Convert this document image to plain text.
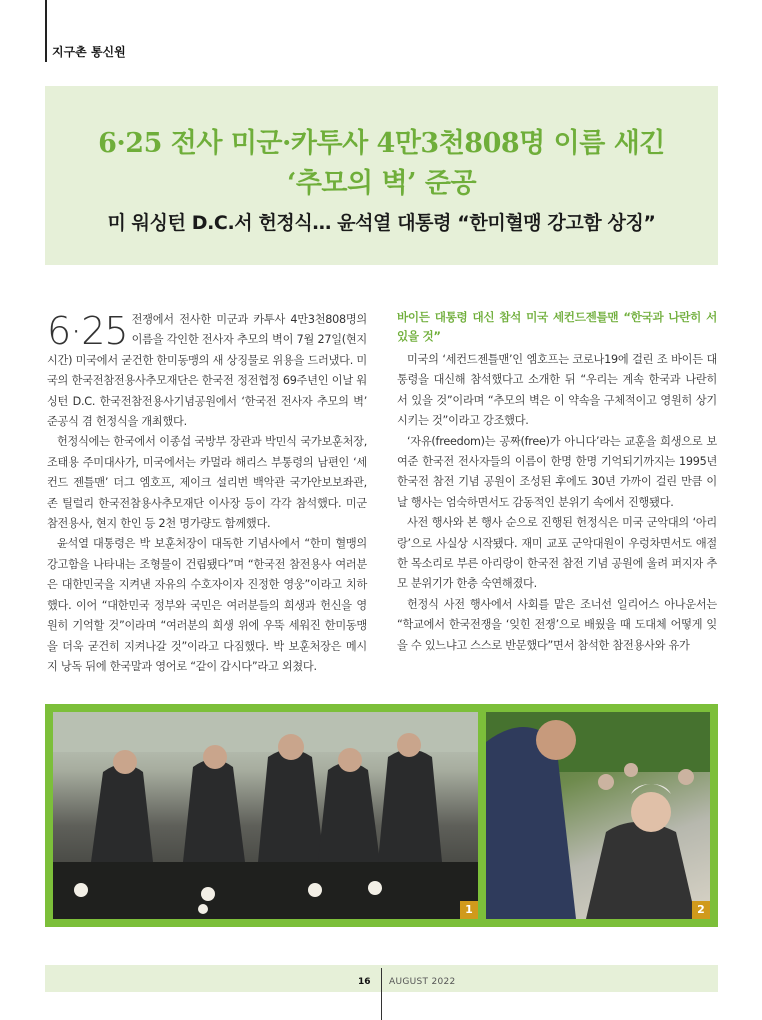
지구촌 통신원
6·25 전사 미군·카투사 4만3천808명 이름 새긴
‘추모의 벽’ 준공
미 워싱턴 D.C.서 헌정식… 윤석열 대통령 “한미혈맹 강고함 상징”

6·25 전쟁에서 전사한 미군과 카투사 4만3천808명의 이름을 각인한 전사자 추모의 벽이 7월 27일(현지시간) 미국에서 굳건한 한미동맹의 새 상징물로 위용을 드러냈다. 미국의 한국전참전용사추모재단은 한국전 정전협정 69주년인 이날 워싱턴 D.C. 한국전참전용사기념공원에서 ‘한국전 전사자 추모의 벽’ 준공식 겸 헌정식을 개최했다.

헌정식에는 한국에서 이종섭 국방부 장관과 박민식 국가보훈처장, 조태용 주미대사가, 미국에서는 카멀라 해리스 부통령의 남편인 ‘세컨드 젠틀맨’ 더그 엠호프, 제이크 설리번 백악관 국가안보보좌관, 존 틸럴리 한국전참용사추모재단 이사장 등이 각각 참석했다. 미군 참전용사, 현지 한인 등 2천 명가량도 함께했다.

윤석열 대통령은 박 보훈처장이 대독한 기념사에서 “한미 혈맹의 강고함을 나타내는 조형물이 건립됐다”며 “한국전 참전용사 여러분은 대한민국을 지켜낸 자유의 수호자이자 진정한 영웅”이라고 치하했다. 이어 “대한민국 정부와 국민은 여러분들의 희생과 헌신을 영원히 기억할 것”이라며 “여러분의 희생 위에 우뚝 세워진 한미동맹을 더욱 굳건히 지켜나갈 것”이라고 다짐했다. 박 보훈처장은 메시지 낭독 뒤에 한국말과 영어로 “같이 갑시다”라고 외쳤다.

바이든 대통령 대신 참석 미국 세컨드젠틀맨 “한국과 나란히 서 있을 것”

미국의 ‘세컨드젠틀맨’인 엠호프는 코로나19에 걸린 조 바이든 대통령을 대신해 참석했다고 소개한 뒤 “우리는 계속 한국과 나란히 서 있을 것”이라며 “추모의 벽은 이 약속을 구체적이고 영원히 상기시키는 것”이라고 강조했다.

‘자유(freedom)는 공짜(free)가 아니다’라는 교훈을 희생으로 보여준 한국전 전사자들의 이름이 한명 한명 기억되기까지는 1995년 한국전 참전 기념 공원이 조성된 후에도 30년 가까이 걸린 만큼 이날 행사는 엄숙하면서도 감동적인 분위기 속에서 진행됐다.

사전 행사와 본 행사 순으로 진행된 헌정식은 미국 군악대의 ‘아리랑’으로 사실상 시작됐다. 재미 교포 군악대원이 우렁차면서도 애절한 목소리로 부른 아리랑이 한국전 참전 기념 공원에 울려 퍼지자 추모 분위기가 한층 숙연해졌다.

헌정식 사전 행사에서 사회를 맡은 조너선 일리어스 아나운서는 “학교에서 한국전쟁을 ‘잊힌 전쟁’으로 배웠을 때 도대체 어떻게 잊을 수 있느냐고 스스로 반문했다”면서 참석한 참전용사와 유가

1	2
16 AUGUST 2022
